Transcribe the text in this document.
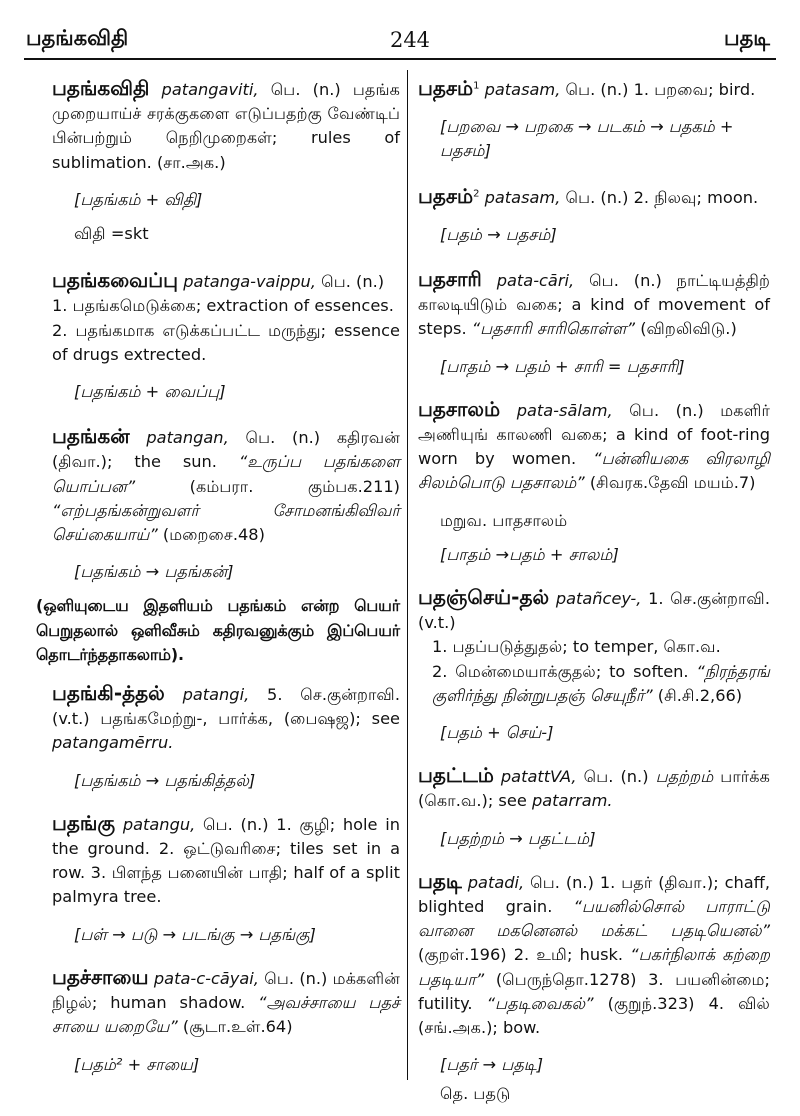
பதங்கவிதி	244	பதடி
பதங்கவிதி patangaviti, பெ. (n.) பதங்க முறையாய்ச் சரக்குகளை எடுப்பதற்கு வேண்டிப் பின்பற்றும் நெறிமுறைகள்; rules of sublimation. (சா.அக.)
[பதங்கம் + விதி]
விதி =skt
பதங்கவைப்பு patanga-vaippu, பெ. (n.)
1. பதங்கமெடுக்கை; extraction of essences.
2. பதங்கமாக எடுக்கப்பட்ட மருந்து; essence of drugs extrected.
[பதங்கம் + வைப்பு]
பதங்கன் patangan, பெ. (n.) கதிரவன் (திவா.); the sun. “உருப்ப பதங்களை யொப்பன”	(கம்பரா. கும்பக.211) “எற்பதங்கன்றுவளர் சோமனங்கிவிவர் செய்கையாய்” (மறைசை.48)
[பதங்கம் → பதங்கன்]
(ஒளியுடைய இதளியம் பதங்கம் என்ற பெயர் பெறுதலால் ஒளிவீசும் கதிரவனுக்கும் இப்பெயர் தொடர்ந்ததாகலாம்).
பதங்கி-த்தல் patangi, 5. செ.குன்றாவி. (v.t.) பதங்கமேற்று-, பார்க்க, (பைஷஜ); see patangamērru.
[பதங்கம் → பதங்கித்தல்]
பதங்கு patangu, பெ. (n.) 1. குழி; hole in the ground. 2. ஒட்டுவரிசை; tiles set in a row. 3. பிளந்த பனையின் பாதி; half of a split palmyra tree.
[பள் → படு → படங்கு → பதங்கு]
பதச்சாயை pata-c-cāyai, பெ. (n.) மக்களின் நிழல்; human shadow. “அவச்சாயை பதச் சாயை யறையே” (சூடா.உள்.64)
[பதம்² + சாயை]
பதசம்$^1$ patasam, பெ. (n.) 1. பறவை; bird.
[பறவை → பறகை → படகம் → பதகம் + பதசம்]
பதசம்$^2$ patasam, பெ. (n.) 2. நிலவு; moon.
[பதம் → பதசம்]
பதசாரி pata-cāri, பெ. (n.) நாட்டியத்திற் காலடியிடும் வகை; a kind of movement of steps. “பதசாரி சாரிகொள்ள” (விறலிவிடு.)
[பாதம் → பதம் + சாரி = பதசாரி]
பதசாலம் pata-sālam, பெ. (n.) மகளிர் அணியுங் காலணி வகை; a kind of foot-ring worn by women. “பன்னியகை விரலாழி சிலம்பொடு பதசாலம்” (சிவரக.தேவி மயம்.7)
மறுவ. பாதசாலம்
[பாதம் →பதம் + சாலம்]
பதஞ்செய்-தல் patañcey-, 1. செ.குன்றாவி. (v.t.)
1. பதப்படுத்துதல்; to temper, கொ.வ.
2. மென்மையாக்குதல்; to soften. “நிரந்தரங் குளிர்ந்து நின்றுபதஞ் செயுநீர்” (சி.சி.2,66)
[பதம் + செய்-]
பதட்டம் patattVA, பெ. (n.) பதற்றம் பார்க்க (கொ.வ.); see patarram.
[பதற்றம் → பதட்டம்]
பதடி patadi, பெ. (n.) 1. பதர் (திவா.); chaff, blighted grain. “பயனில்சொல் பாராட்டு வானை மகனெனல் மக்கட் பதடியெனல்” (குறள்.196) 2. உமி; husk. “பகர்நிலாக் கற்றை பதடியா” (பெருந்தொ.1278) 3. பயனின்மை; futility. “பதடிவைகல்” (குறுந்.323) 4. வில் (சங்.அக.); bow.
[பதர் → பதடி]
தெ. பதடு
